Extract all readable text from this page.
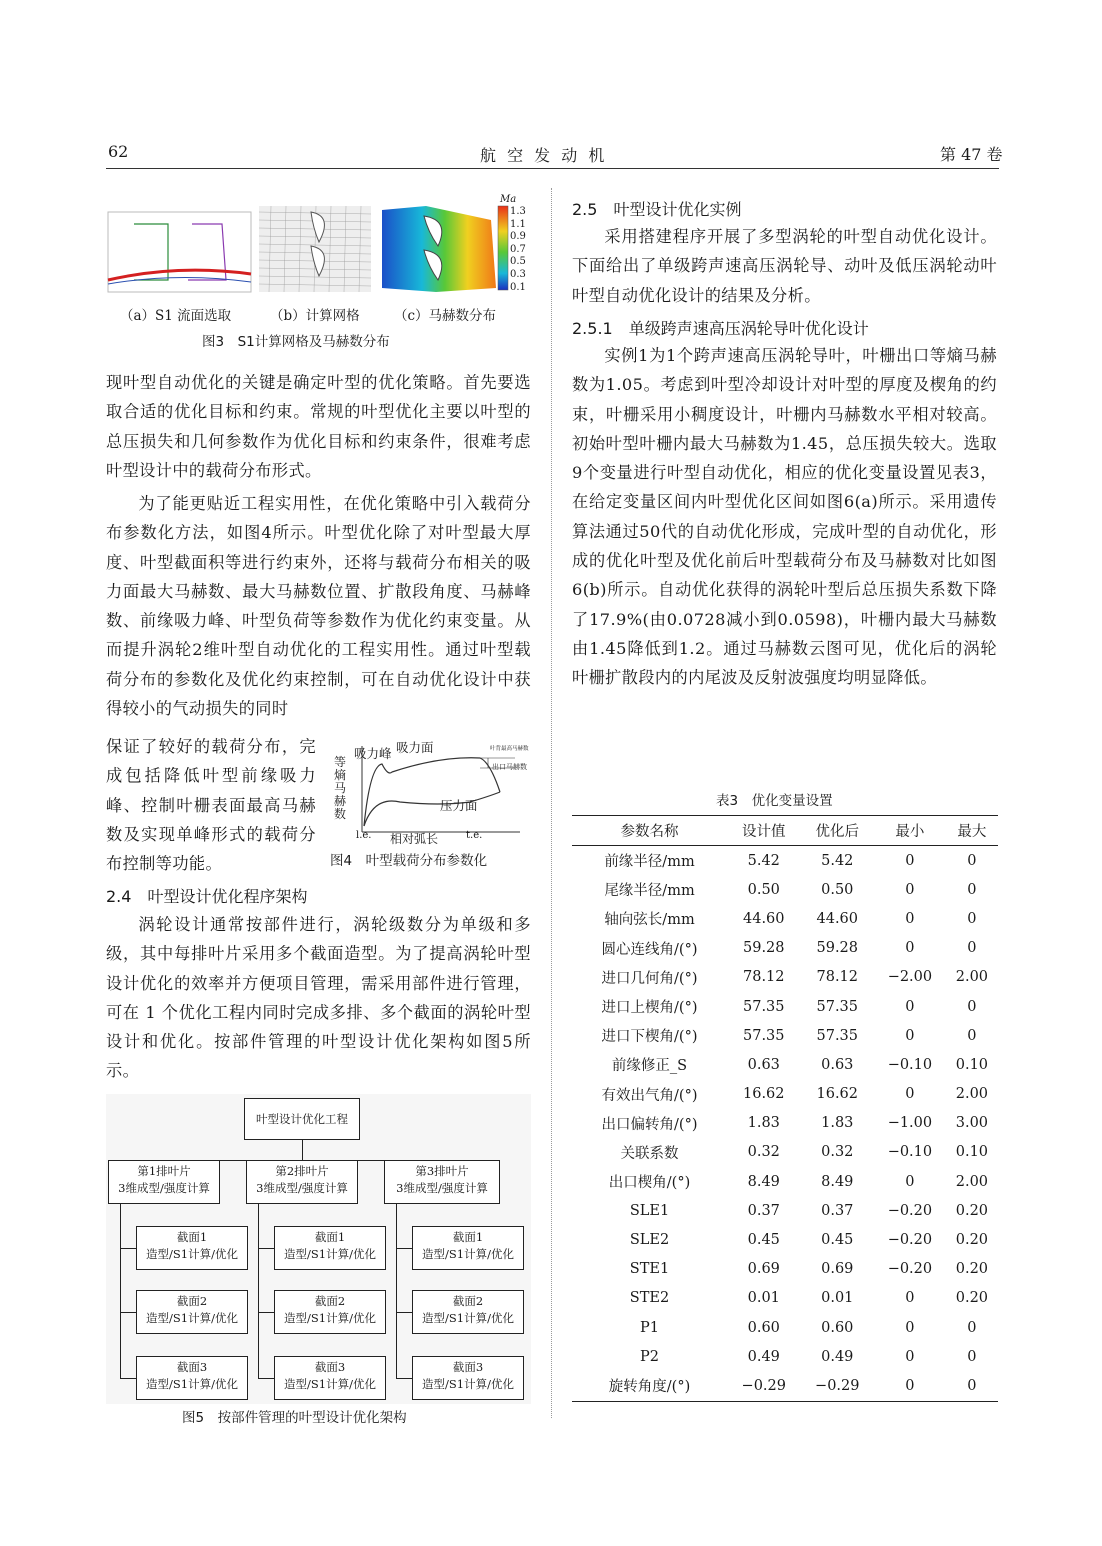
62	航 空 发 动 机	第 47 卷
Ma
1.3
1.1
0.9
0.7
0.5
0.3
0.1
（a）S1 流面选取	（b）计算网格	（c）马赫数分布
图3　S1计算网格及马赫数分布

现叶型自动优化的关键是确定叶型的优化策略。首先要选取合适的优化目标和约束。常规的叶型优化主要以叶型的总压损失和几何参数作为优化目标和约束条件，很难考虑叶型设计中的载荷分布形式。

为了能更贴近工程实用性，在优化策略中引入载荷分布参数化方法，如图4所示。叶型优化除了对叶型最大厚度、叶型截面积等进行约束外，还将与载荷分布相关的吸力面最大马赫数、最大马赫数位置、扩散段角度、马赫峰数、前缘吸力峰、叶型负荷等参数作为优化约束变量。从而提升涡轮2维叶型自动优化的工程实用性。通过叶型载荷分布的参数化及优化约束控制，可在自动优化设计中获得较小的气动损失的同时

保证了较好的载荷分布，完成包括降低叶型前缘吸力峰、控制叶栅表面最高马赫数及实现单峰形式的载荷分布控制等功能。

吸力峰 吸力面	叶背最高马赫数
出口马赫数
压力面
等熵马赫数
l.e. 相对弧长	t.e.
图4　叶型载荷分布参数化
2.4　叶型设计优化程序架构

涡轮设计通常按部件进行，涡轮级数分为单级和多级，其中每排叶片采用多个截面造型。为了提高涡轮叶型设计优化的效率并方便项目管理，需采用部件进行管理，可在 1 个优化工程内同时完成多排、多个截面的涡轮叶型设计和优化。按部件管理的叶型设计优化架构如图5所示。

叶型设计优化工程
第1排叶片
3维成型/强度计算
第2排叶片
3维成型/强度计算
第3排叶片
3维成型/强度计算
截面1
造型/S1计算/优化
截面2
造型/S1计算/优化
截面3
造型/S1计算/优化
截面1
造型/S1计算/优化
截面2
造型/S1计算/优化
截面3
造型/S1计算/优化
截面1
造型/S1计算/优化
截面2
造型/S1计算/优化
截面3
造型/S1计算/优化
图5　按部件管理的叶型设计优化架构
2.5　叶型设计优化实例

采用搭建程序开展了多型涡轮的叶型自动优化设计。下面给出了单级跨声速高压涡轮导、动叶及低压涡轮动叶叶型自动优化设计的结果及分析。

2.5.1　单级跨声速高压涡轮导叶优化设计

实例1为1个跨声速高压涡轮导叶，叶栅出口等熵马赫数为1.05。考虑到叶型冷却设计对叶型的厚度及楔角的约束，叶栅采用小稠度设计，叶栅内马赫数水平相对较高。初始叶型叶栅内最大马赫数为1.45，总压损失较大。选取9个变量进行叶型自动优化，相应的优化变量设置见表3，在给定变量区间内叶型优化区间如图6(a)所示。采用遗传算法通过50代的自动优化形成，完成叶型的自动优化，形成的优化叶型及优化前后叶型载荷分布及马赫数对比如图6(b)所示。自动优化获得的涡轮叶型后总压损失系数下降了17.9%(由0.0728减小到0.0598)，叶栅内最大马赫数由1.45降低到1.2。通过马赫数云图可见，优化后的涡轮叶栅扩散段内的内尾波及反射波强度均明显降低。

表3　优化变量设置
参数名称	设计值	优化后	最小	最大
前缘半径/mm	5.42	5.42	0	0
尾缘半径/mm	0.50	0.50	0	0
轴向弦长/mm	44.60	44.60	0	0
圆心连线角/(°)	59.28	59.28	0	0
进口几何角/(°)	78.12	78.12	−2.00	2.00
进口上楔角/(°)	57.35	57.35	0	0
进口下楔角/(°)	57.35	57.35	0	0
前缘修正_S	0.63	0.63	−0.10	0.10
有效出气角/(°)	16.62	16.62	0	2.00
出口偏转角/(°)	1.83	1.83	−1.00	3.00
关联系数	0.32	0.32	−0.10	0.10
出口楔角/(°)	8.49	8.49	0	2.00
SLE1	0.37	0.37	−0.20	0.20
SLE2	0.45	0.45	−0.20	0.20
STE1	0.69	0.69	−0.20	0.20
STE2	0.01	0.01	0	0.20
P1	0.60	0.60	0	0
P2	0.49	0.49	0	0
旋转角度/(°)	−0.29	−0.29	0	0
